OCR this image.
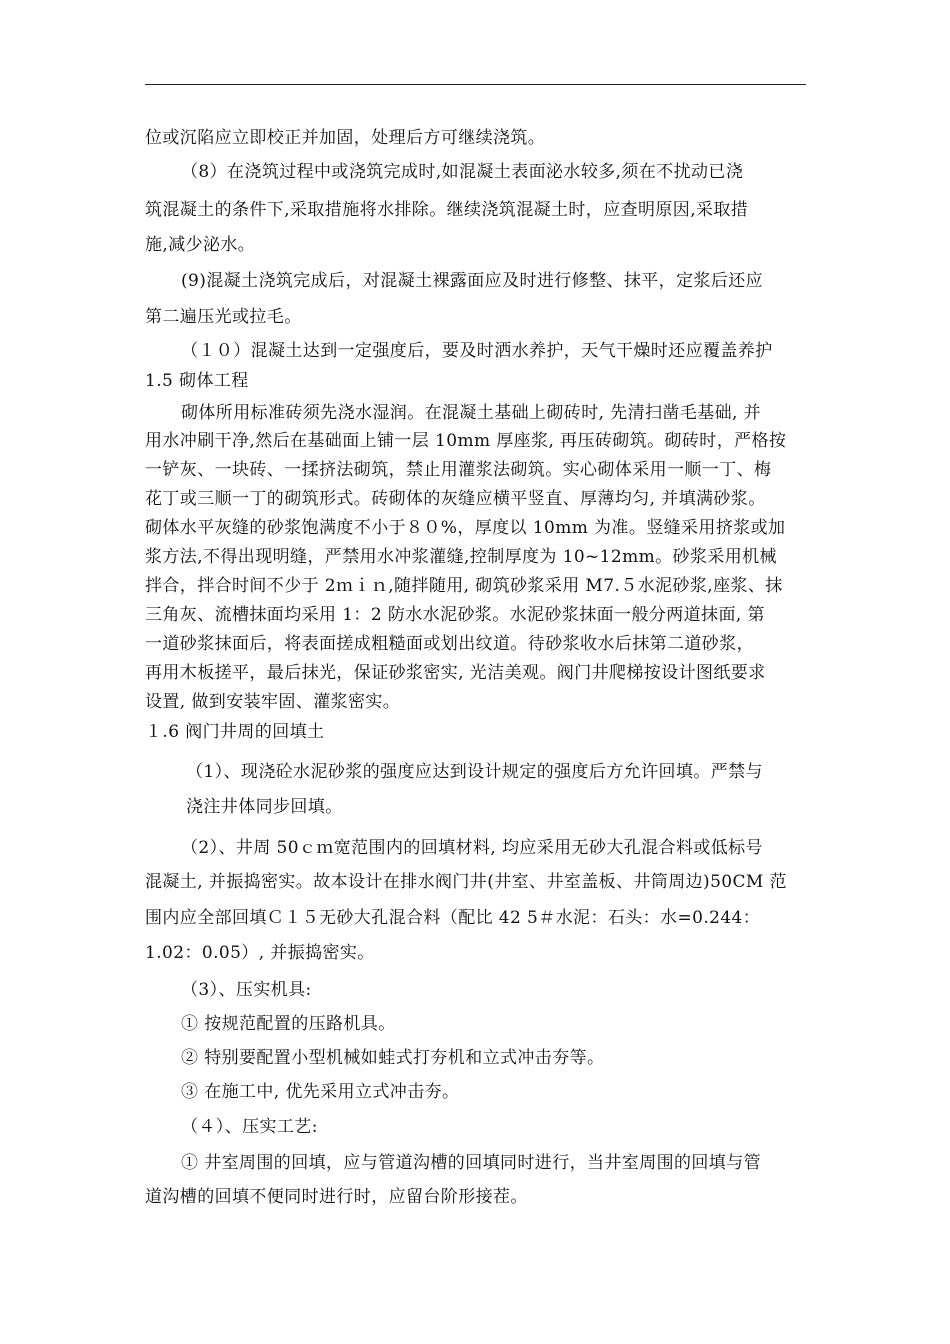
位或沉陷应立即校正并加固，处理后方可继续浇筑。
（8）在浇筑过程中或浇筑完成时,如混凝土表面泌水较多,须在不扰动已浇
筑混凝土的条件下,采取措施将水排除。继续浇筑混凝土时，应查明原因,采取措
施,减少泌水。
(9)混凝土浇筑完成后，对混凝土裸露面应及时进行修整、抹平，定浆后还应
第二遍压光或拉毛。
（１０）混凝土达到一定强度后，要及时洒水养护，天气干燥时还应覆盖养护
1.5 砌体工程
砌体所用标准砖须先浇水湿润。在混凝土基础上砌砖时, 先清扫凿毛基础, 并
用水冲刷干净,然后在基础面上铺一层 10mm 厚座浆, 再压砖砌筑。砌砖时，严格按
一铲灰、一块砖、一揉挤法砌筑，禁止用灌浆法砌筑。实心砌体采用一顺一丁、梅
花丁或三顺一丁的砌筑形式。砖砌体的灰缝应横平竖直、厚薄均匀, 并填满砂浆。
砌体水平灰缝的砂浆饱满度不小于８０%，厚度以 10mm 为准。竖缝采用挤浆或加
浆方法,不得出现明缝，严禁用水冲浆灌缝,控制厚度为 10~12mm。砂浆采用机械
拌合，拌合时间不少于 2ｍｉｎ,随拌随用, 砌筑砂浆采用 M7.５水泥砂浆,座浆、抹
三角灰、流槽抹面均采用 1：2 防水水泥砂浆。水泥砂浆抹面一般分两道抹面, 第
一道砂浆抹面后，将表面搓成粗糙面或划出纹道。待砂浆收水后抹第二道砂浆，
再用木板搓平，最后抹光，保证砂浆密实, 光洁美观。阀门井爬梯按设计图纸要求
设置, 做到安装牢固、灌浆密实。
１.6 阀门井周的回填土
（1）、现浇砼水泥砂浆的强度应达到设计规定的强度后方允许回填。严禁与
浇注井体同步回填。
（2）、井周 50ｃｍ宽范围内的回填材料, 均应采用无砂大孔混合料或低标号
混凝土, 并振捣密实。故本设计在排水阀门井(井室、井室盖板、井筒周边)50CM 范
围内应全部回填Ｃ１５无砂大孔混合料（配比 42 5＃水泥：石头：水=0.244：
1.02：0.05）, 并振捣密实。
（3）、压实机具:
① 按规范配置的压路机具。
② 特别要配置小型机械如蛙式打夯机和立式冲击夯等。
③ 在施工中, 优先采用立式冲击夯。
（４）、压实工艺:
① 井室周围的回填，应与管道沟槽的回填同时进行，当井室周围的回填与管
道沟槽的回填不便同时进行时，应留台阶形接茬。
